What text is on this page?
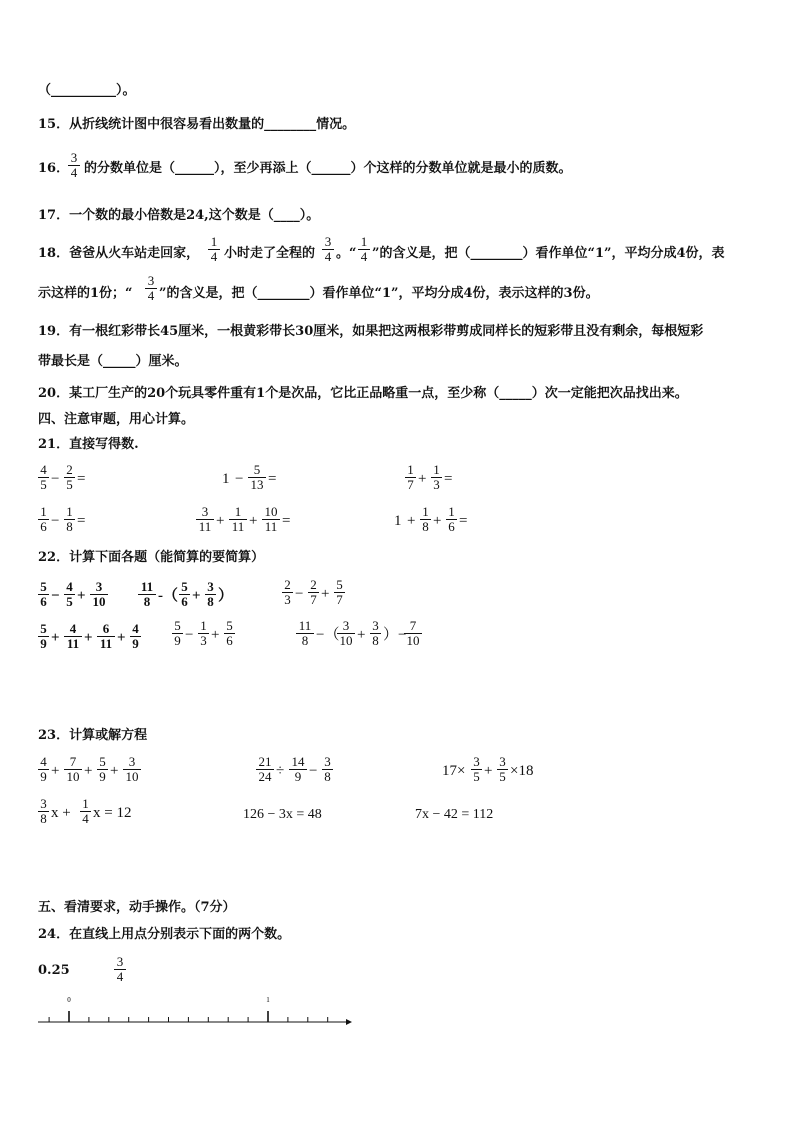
（__________）。
15．从折线统计图中很容易看出数量的________情况。
16．
$\frac{3}{4}$ 的分数单位是（______），至少再添上（______）个这样的分数单位就是最小的质数。
17．一个数的最小倍数是24,这个数是（____）。
18．爸爸从火车站走回家， $\frac{1}{4}$ 小时走了全程的 $\frac{3}{4}$ 。“ $\frac{1}{4}$ ”的含义是，把（________）看作单位“1”，平均分成4份，表
示这样的1份；“ $\frac{3}{4}$ ”的含义是，把（________）看作单位“1”，平均分成4份，表示这样的3份。
19．有一根红彩带长45厘米，一根黄彩带长30厘米，如果把这两根彩带剪成同样长的短彩带且没有剩余，每根短彩
带最长是（_____）厘米。
20．某工厂生产的20个玩具零件重有1个是次品，它比正品略重一点，至少称（_____）次一定能把次品找出来。
四、注意审题，用心计算。
21．直接写得数.
22．计算下面各题（能简算的要简算）
23．计算或解方程
126 − 3x = 48	7x − 42 = 112
五、看清要求，动手操作。（7分）
24．在直线上用点分别表示下面的两个数。
0.25	$\frac{3}{4}$
0	1
$\frac{4}{5} - \frac{2}{5}$ =	$1 - \frac{5}{13}$ =	$\frac{1}{7} + \frac{1}{3}$ =
$\frac{1}{6} - \frac{1}{8}$ =	$\frac{3}{11} + \frac{1}{11} + \frac{10}{11}$ =	$1 + \frac{1}{8} + \frac{1}{6}$ =
$\frac{5}{6} - \frac{4}{5} + \frac{3}{10} \frac{11}{8}$ -（ $\frac{5}{6} + \frac{3}{8}$ ）	$\frac{2}{3} - \frac{2}{7} + \frac{5}{7}$
$\frac{5}{9} + \frac{4}{11} + \frac{6}{11} + \frac{4}{9} \frac{5}{9} - \frac{1}{3} + \frac{5}{6}$	$\frac{11}{8}$ −（
$\frac{3}{10} + \frac{3}{8}$ ）−
$\frac{7}{10}$
$\frac{4}{9} + \frac{7}{10} + \frac{5}{9} + \frac{3}{10}$	$\frac{21}{24} \div \frac{14}{9} - \frac{3}{8}$	$17\times \frac{3}{5} + \frac{3}{5} \times 18$
$\frac{3}{8}$ $x + \frac{1}{4}$ x = 12
